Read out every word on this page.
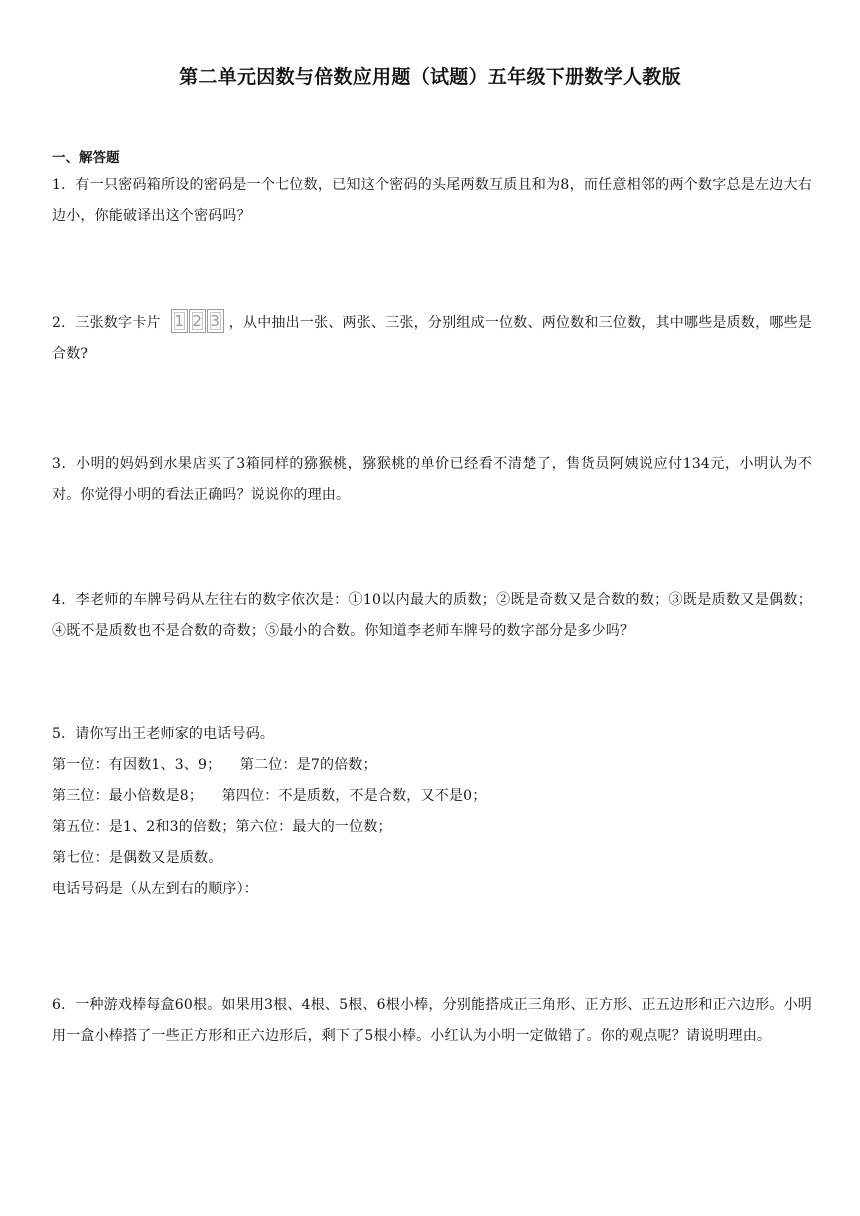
第二单元因数与倍数应用题（试题）五年级下册数学人教版
一、解答题

1．有一只密码箱所设的密码是一个七位数，已知这个密码的头尾两数互质且和为8，而任意相邻的两个数字总是左边大右边小，你能破译出这个密码吗？

2．三张数字卡片 1 2 3 ，从中抽出一张、两张、三张，分别组成一位数、两位数和三位数，其中哪些是质数，哪些是合数?

3．小明的妈妈到水果店买了3箱同样的猕猴桃，猕猴桃的单价已经看不清楚了，售货员阿姨说应付134元，小明认为不对。你觉得小明的看法正确吗？说说你的理由。

4．李老师的车牌号码从左往右的数字依次是：①10以内最大的质数；②既是奇数又是合数的数；③既是质数又是偶数；④既不是质数也不是合数的奇数；⑤最小的合数。你知道李老师车牌号的数字部分是多少吗？

5．请你写出王老师家的电话号码。
第一位：有因数1、3、9；    第二位：是7的倍数；
第三位：最小倍数是8；    第四位：不是质数，不是合数，又不是0；
第五位：是1、2和3的倍数；第六位：最大的一位数；
第七位：是偶数又是质数。
电话号码是（从左到右的顺序）：

6．一种游戏棒每盒60根。如果用3根、4根、5根、6根小棒，分别能搭成正三角形、正方形、正五边形和正六边形。小明用一盒小棒搭了一些正方形和正六边形后，剩下了5根小棒。小红认为小明一定做错了。你的观点呢？请说明理由。
